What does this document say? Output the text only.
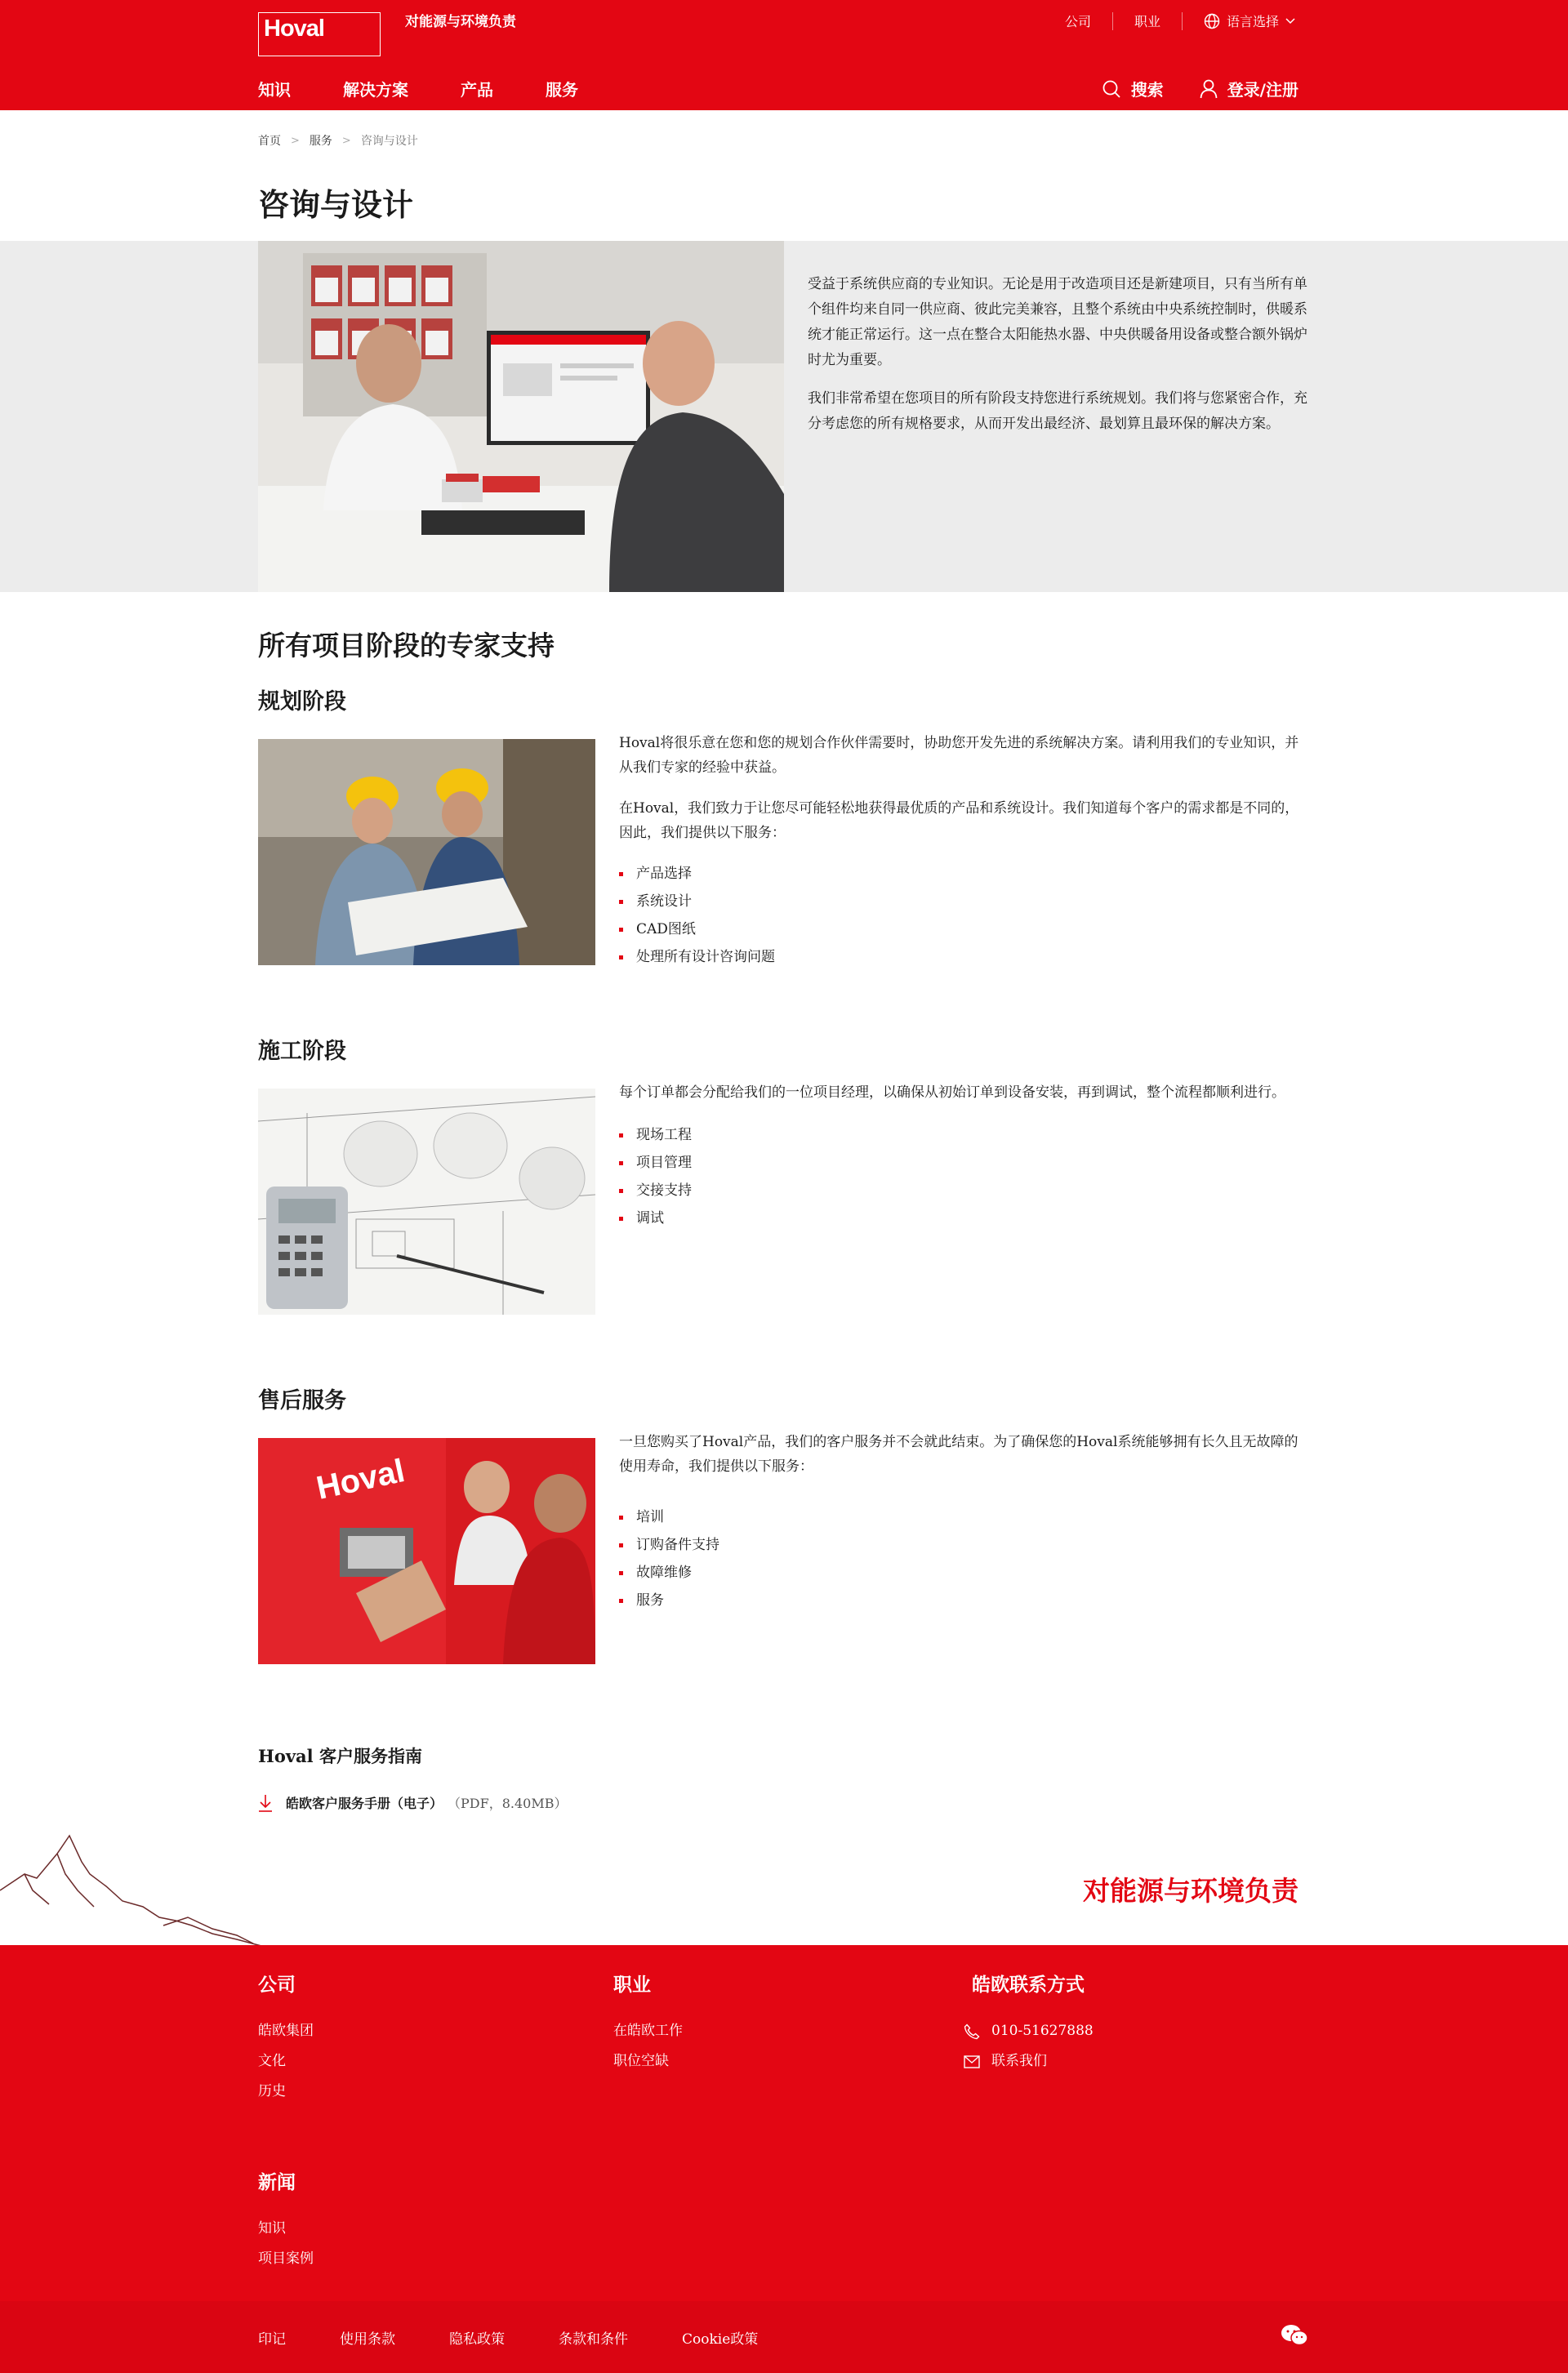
Hoval	对能源与环境负责	公司	职业	语言选择
知识	解决方案	产品	服务	搜索	登录/注册
首页 > 服务 > 咨询与设计
咨询与设计

受益于系统供应商的专业知识。无论是用于改造项目还是新建项目，只有当所有单个组件均来自同一供应商、彼此完美兼容，且整个系统由中央系统控制时，供暖系统才能正常运行。这一点在整合太阳能热水器、中央供暖备用设备或整合额外锅炉时尤为重要。

我们非常希望在您项目的所有阶段支持您进行系统规划。我们将与您紧密合作，充分考虑您的所有规格要求，从而开发出最经济、最划算且最环保的解决方案。

所有项目阶段的专家支持
规划阶段

Hoval将很乐意在您和您的规划合作伙伴需要时，协助您开发先进的系统解决方案。请利用我们的专业知识，并从我们专家的经验中获益。

在Hoval，我们致力于让您尽可能轻松地获得最优质的产品和系统设计。我们知道每个客户的需求都是不同的，因此，我们提供以下服务：

产品选择
系统设计
CAD图纸
处理所有设计咨询问题
施工阶段

每个订单都会分配给我们的一位项目经理，以确保从初始订单到设备安装，再到调试，整个流程都顺利进行。

现场工程
项目管理
交接支持
调试
售后服务
Hoval

一旦您购买了Hoval产品，我们的客户服务并不会就此结束。为了确保您的Hoval系统能够拥有长久且无故障的使用寿命，我们提供以下服务：

培训
订购备件支持
故障维修
服务
Hoval 客户服务指南
皓欧客户服务手册（电子） （PDF，8.40MB）
对能源与环境负责
公司
皓欧集团
文化
历史
职业
在皓欧工作
职位空缺
皓欧联系方式
010-51627888
联系我们
新闻
知识
项目案例
印记	使用条款	隐私政策	条款和条件	Cookie政策
